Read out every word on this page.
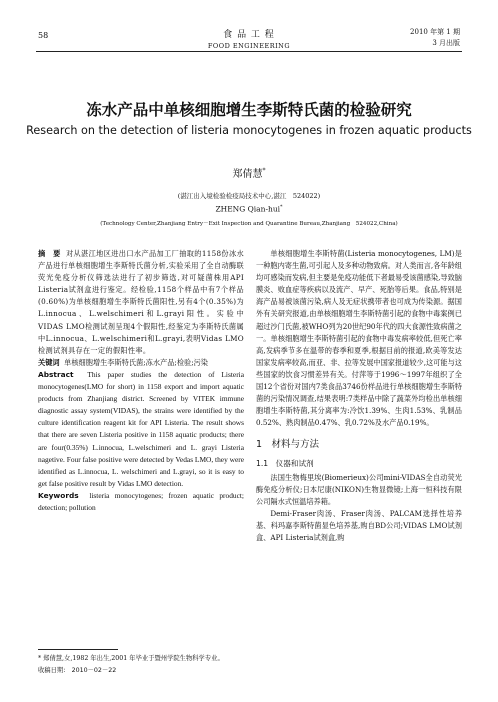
58	食 品 工 程	2010 年第 1 期
3 月出版
FOOD ENGINEERING
冻水产品中单核细胞增生李斯特氏菌的检验研究
Research on the detection of listeria monocytogenes in frozen aquatic products
郑倩慧*
(湛江出入境检验检疫局技术中心,湛江　524022)
ZHENG Qian-hui*
(Technology Center,Zhanjiang Entry－Exit Inspection and Quarantine Bureau,Zhanjiang　524022,China)

摘　要 对从湛江地区进出口水产品加工厂抽取的1158份冰水产品进行单核细胞增生李斯特氏菌分析,实验采用了全自动酶联荧光免疫分析仪筛选法进行了初步筛选,对可疑菌株用API Listeria试剂盒进行鉴定。经检验,1158个样品中有7个样品(0.60%)为单核细胞增生李斯特氏菌阳性,另有4个(0.35%)为L.innocua、L.welschimeri和L.grayi阳性。实验中VIDAS LMO检测试剂呈现4个假阳性,经鉴定为李斯特氏菌属中L.innocua、L.welschimeri和L.grayi,表明Vidas LMO检测试剂具存在一定的假阳性率。

关键词 单核细胞增生李斯特氏菌;冻水产品;检验;污染

Abstract This paper studies the detection of Listeria monocytogenes(LMO for short) in 1158 export and import aquatic products from Zhanjiang district. Screened by VITEK immune diagnostic assay system(VIDAS), the strains were identified by the culture identification reagent kit for API Listeria. The result shows that there are seven Listeria positive in 1158 aquatic products; there are four(0.35%) L.innocua, L.welschimeri and L. grayi Listeria nagetive. Four false positive were detected by Vedas LMO, they were identified as L.innocua, L. welschimeri and L.grayi, so it is easy to get false positive result by Vidas LMO detection.

Keywords listeria monocytogenes; frozen aquatic product; detection; pollution

* 郑倩慧,女,1982 年出生,2001 年毕业于暨州学院生物科学专业。
收稿日期:　2010－02－22

单核细胞增生李斯特菌(Listeria monocytogenes, LM)是一种胞内寄生菌,可引起人及多种动物致病。对人类而言,各年龄组均可感染而发病,但主要是免疫功能低下者最易受该菌感染,导致脑膜炎、败血症等疾病以及流产、早产、死胎等后果。食品,特别是海产品易被该菌污染,病人及无症状携带者也可成为传染源。据国外有关研究报道,由单核细胞增生李斯特菌引起的食物中毒案例已超过沙门氏菌,被WHO列为20世纪90年代的四大食源性致病菌之一。单核细胞增生李斯特菌引起的食物中毒发病率较低,但死亡率高,发病季节多在温带的春季和夏季,根据目前的报道,欧美等发达国家发病率较高,而亚、非、拉等发展中国家报道较少,这可能与这些国家的饮食习惯差异有关。付萍等于1996～1997年组织了全国12个省份对国内7类食品3746份样品进行单核细胞增生李斯特菌的污染情况调查,结果表明:7类样品中除了蔬菜外均检出单核细胞增生李斯特菌,其分离率为:冷饮1.39%、生肉1.53%、乳制品0.52%、熟肉制品0.47%、乳0.72%及水产品0.19%。

1　材料与方法
1.1　仪器和试剂

法国生物梅里埃(Biomerieux)公司mini-VIDAS全自动荧光酶免疫分析仪;日本尼康(NIKON)生物显微镜;上海一恒科技有限公司隔水式恒温培养箱。

Demi-Fraser肉汤、Fraser肉汤、PALCAM选择性培养基、科玛嘉李斯特菌显色培养基,购自BD公司;VIDAS LMO试剂盒、API Listeria试剂盒,购
